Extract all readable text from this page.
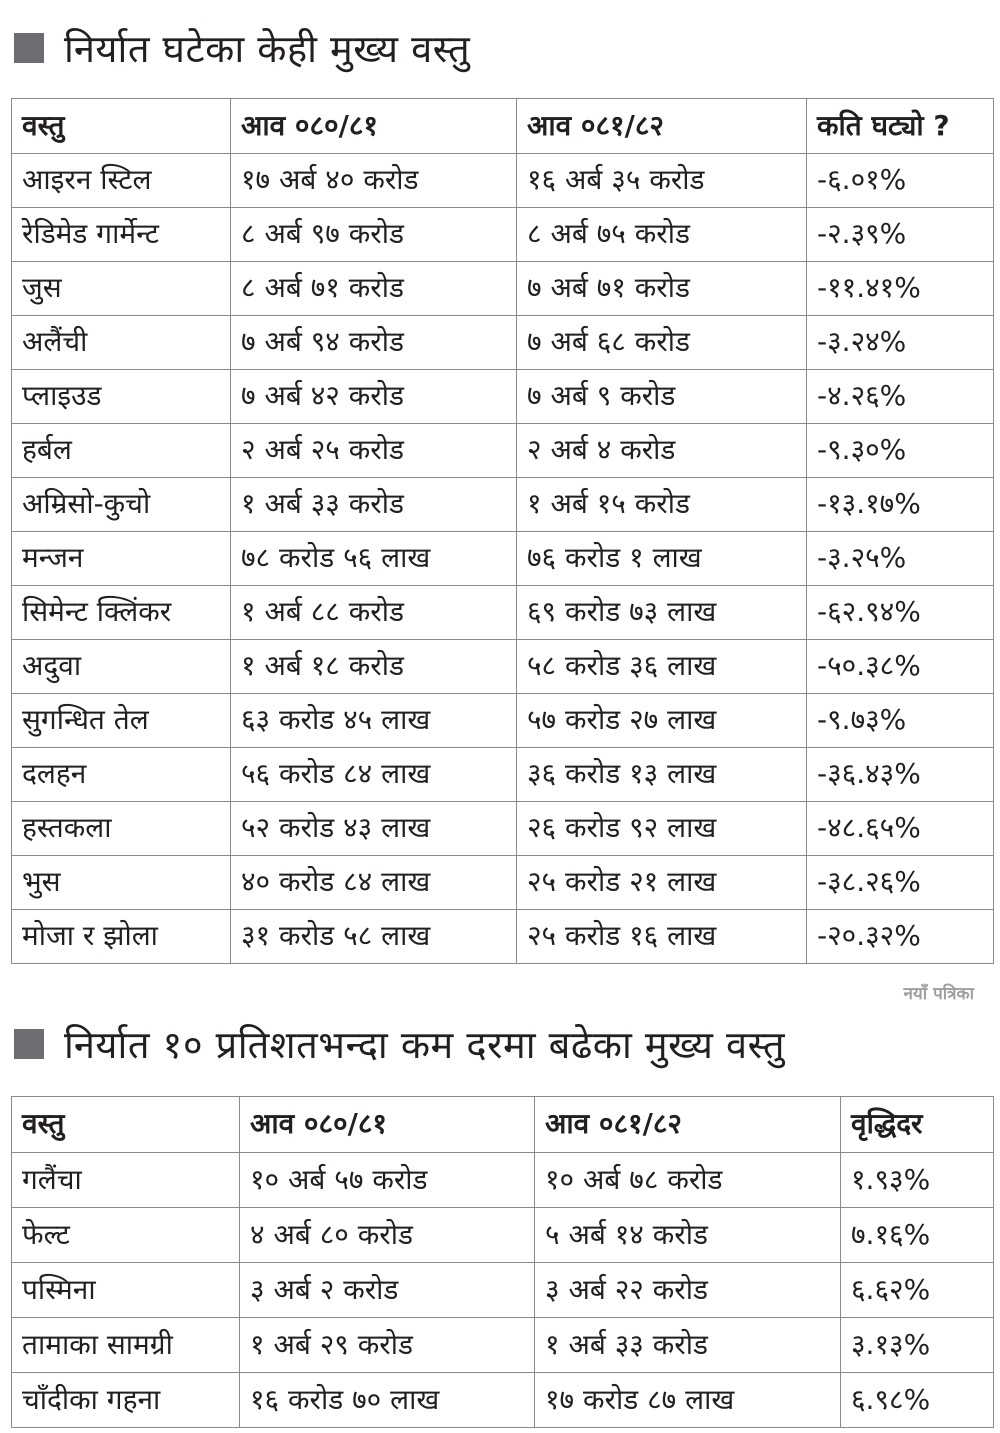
निर्यात घटेका केही मुख्य वस्तु
वस्तु	आव ०८०/८१	आव ०८१/८२	कति घट्यो ?
आइरन स्टिल	१७ अर्ब ४० करोड	१६ अर्ब ३५ करोड	-६.०१%
रेडिमेड गार्मेन्ट	८ अर्ब ९७ करोड	८ अर्ब ७५ करोड	-२.३९%
जुस	८ अर्ब ७१ करोड	७ अर्ब ७१ करोड	-११.४१%
अलैंची	७ अर्ब ९४ करोड	७ अर्ब ६८ करोड	-३.२४%
प्लाइउड	७ अर्ब ४२ करोड	७ अर्ब ९ करोड	-४.२६%
हर्बल	२ अर्ब २५ करोड	२ अर्ब ४ करोड	-९.३०%
अम्रिसो-कुचो	१ अर्ब ३३ करोड	१ अर्ब १५ करोड	-१३.१७%
मन्जन	७८ करोड ५६ लाख	७६ करोड १ लाख	-३.२५%
सिमेन्ट क्लिंकर	१ अर्ब ८८ करोड	६९ करोड ७३ लाख	-६२.९४%
अदुवा	१ अर्ब १८ करोड	५८ करोड ३६ लाख	-५०.३८%
सुगन्धित तेल	६३ करोड ४५ लाख	५७ करोड २७ लाख	-९.७३%
दलहन	५६ करोड ८४ लाख	३६ करोड १३ लाख	-३६.४३%
हस्तकला	५२ करोड ४३ लाख	२६ करोड ९२ लाख	-४८.६५%
भुस	४० करोड ८४ लाख	२५ करोड २१ लाख	-३८.२६%
मोजा र झोला	३१ करोड ५८ लाख	२५ करोड १६ लाख	-२०.३२%
नयाँ पत्रिका
निर्यात १० प्रतिशतभन्दा कम दरमा बढेका मुख्य वस्तु
वस्तु	आव ०८०/८१	आव ०८१/८२	वृद्धिदर
गलैंचा	१० अर्ब ५७ करोड	१० अर्ब ७८ करोड	१.९३%
फेल्ट	४ अर्ब ८० करोड	५ अर्ब १४ करोड	७.१६%
पस्मिना	३ अर्ब २ करोड	३ अर्ब २२ करोड	६.६२%
तामाका सामग्री	१ अर्ब २९ करोड	१ अर्ब ३३ करोड	३.१३%
चाँदीका गहना	१६ करोड ७० लाख	१७ करोड ८७ लाख	६.९८%
